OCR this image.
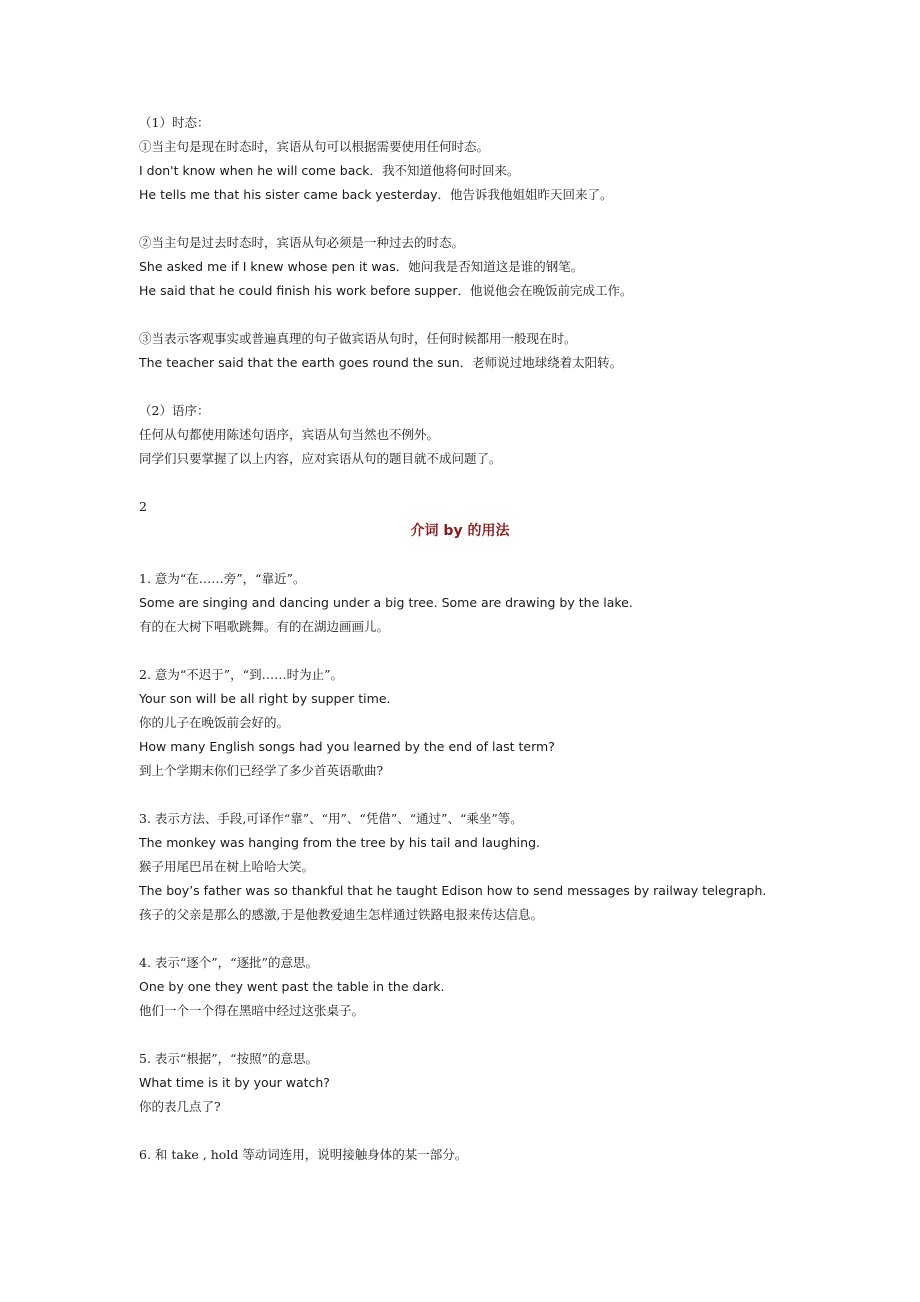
（1）时态：
①当主句是现在时态时，宾语从句可以根据需要使用任何时态。
I don't know when he will come back．我不知道他将何时回来。
He tells me that his sister came back yesterday．他告诉我他姐姐昨天回来了。
②当主句是过去时态时，宾语从句必须是一种过去的时态。
She asked me if I knew whose pen it was．她问我是否知道这是谁的钢笔。
He said that he could finish his work before supper．他说他会在晚饭前完成工作。
③当表示客观事实或普遍真理的句子做宾语从句时，任何时候都用一般现在时。
The teacher said that the earth goes round the sun．老师说过地球绕着太阳转。
（2）语序：
任何从句都使用陈述句语序，宾语从句当然也不例外。
同学们只要掌握了以上内容，应对宾语从句的题目就不成问题了。
2
介词 by 的用法
1. 意为“在……旁”，“靠近”。
Some are singing and dancing under a big tree. Some are drawing by the lake.
有的在大树下唱歌跳舞。有的在湖边画画儿。
2. 意为“不迟于”，“到……时为止”。
Your son will be all right by supper time.
你的儿子在晚饭前会好的。
How many English songs had you learned by the end of last term?
到上个学期末你们已经学了多少首英语歌曲?
3. 表示方法、手段,可译作“靠”、“用”、“凭借”、“通过”、“乘坐”等。
The monkey was hanging from the tree by his tail and laughing.
猴子用尾巴吊在树上哈哈大笑。
The boy’s father was so thankful that he taught Edison how to send messages by railway telegraph.
孩子的父亲是那么的感激,于是他教爱迪生怎样通过铁路电报来传达信息。
4. 表示“逐个”，“逐批”的意思。
One by one they went past the table in the dark.
他们一个一个得在黑暗中经过这张桌子。
5. 表示“根据”，“按照”的意思。
What time is it by your watch?
你的表几点了?
6. 和 take , hold 等动词连用，说明接触身体的某一部分。
